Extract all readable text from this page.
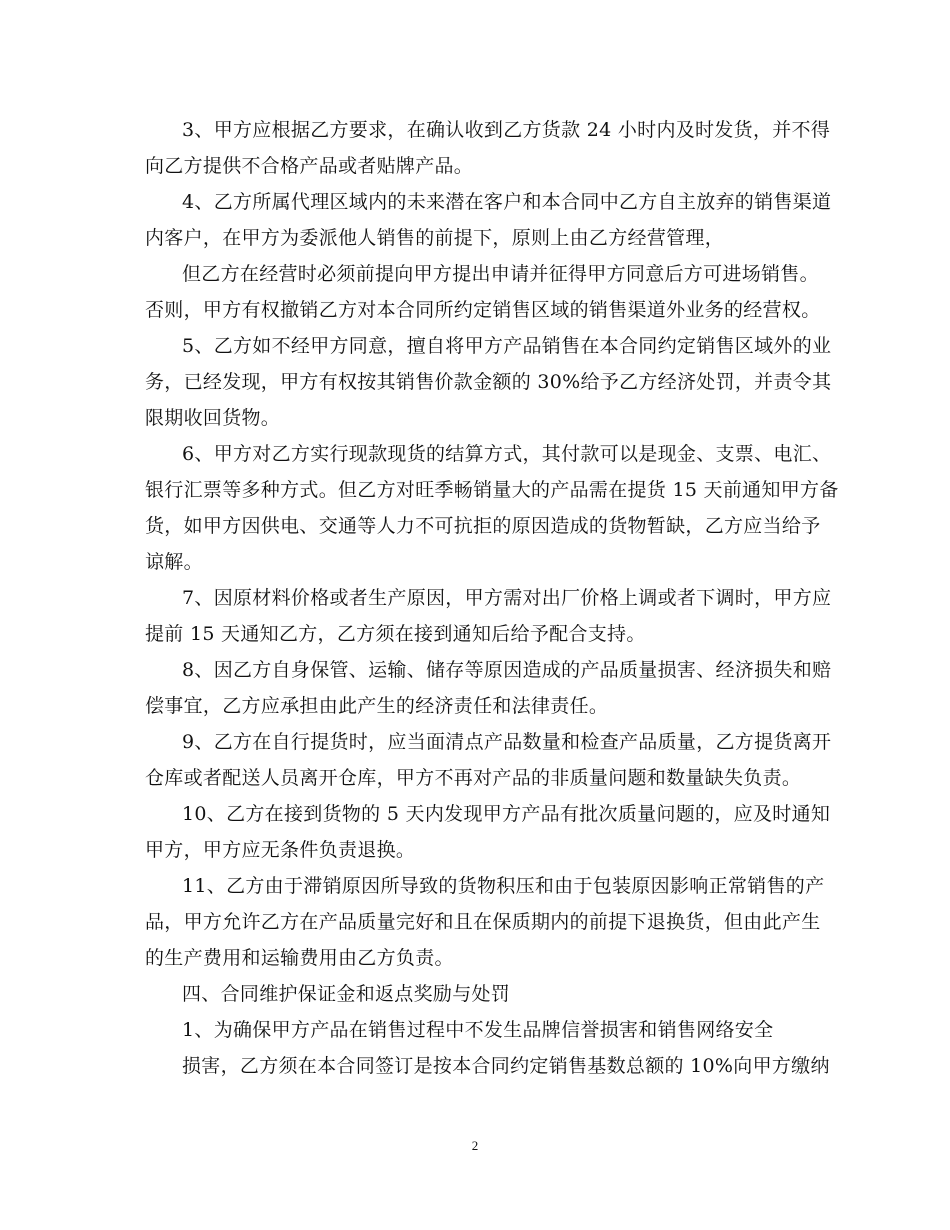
3、甲方应根据乙方要求，在确认收到乙方货款 24 小时内及时发货，并不得
向乙方提供不合格产品或者贴牌产品。
4、乙方所属代理区域内的未来潜在客户和本合同中乙方自主放弃的销售渠道
内客户，在甲方为委派他人销售的前提下，原则上由乙方经营管理，
但乙方在经营时必须前提向甲方提出申请并征得甲方同意后方可进场销售。
否则，甲方有权撤销乙方对本合同所约定销售区域的销售渠道外业务的经营权。
5、乙方如不经甲方同意，擅自将甲方产品销售在本合同约定销售区域外的业
务，已经发现，甲方有权按其销售价款金额的 30%给予乙方经济处罚，并责令其
限期收回货物。
6、甲方对乙方实行现款现货的结算方式，其付款可以是现金、支票、电汇、
银行汇票等多种方式。但乙方对旺季畅销量大的产品需在提货 15 天前通知甲方备
货，如甲方因供电、交通等人力不可抗拒的原因造成的货物暂缺，乙方应当给予
谅解。
7、因原材料价格或者生产原因，甲方需对出厂价格上调或者下调时，甲方应
提前 15 天通知乙方，乙方须在接到通知后给予配合支持。
8、因乙方自身保管、运输、储存等原因造成的产品质量损害、经济损失和赔
偿事宜，乙方应承担由此产生的经济责任和法律责任。
9、乙方在自行提货时，应当面清点产品数量和检查产品质量，乙方提货离开
仓库或者配送人员离开仓库，甲方不再对产品的非质量问题和数量缺失负责。
10、乙方在接到货物的 5 天内发现甲方产品有批次质量问题的，应及时通知
甲方，甲方应无条件负责退换。
11、乙方由于滞销原因所导致的货物积压和由于包装原因影响正常销售的产
品，甲方允许乙方在产品质量完好和且在保质期内的前提下退换货，但由此产生
的生产费用和运输费用由乙方负责。
四、合同维护保证金和返点奖励与处罚
1、为确保甲方产品在销售过程中不发生品牌信誉损害和销售网络安全
损害，乙方须在本合同签订是按本合同约定销售基数总额的 10%向甲方缴纳
2
